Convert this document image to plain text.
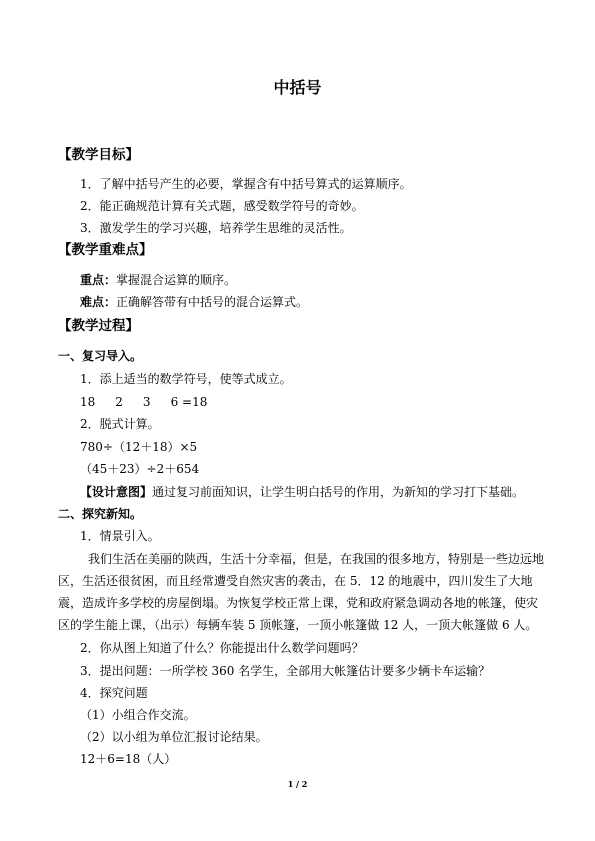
中括号
【教学目标】
1．了解中括号产生的必要，掌握含有中括号算式的运算顺序。
2．能正确规范计算有关式题，感受数学符号的奇妙。
3．激发学生的学习兴趣，培养学生思维的灵活性。
【教学重难点】
重点：掌握混合运算的顺序。
难点：正确解答带有中括号的混合运算式。
【教学过程】
一、复习导入。
1．添上适当的数学符号，使等式成立。
18 2 3 6 =18
2．脱式计算。
780÷（12＋18）×5
（45＋23）÷2＋654
【设计意图】通过复习前面知识，让学生明白括号的作用，为新知的学习打下基础。
二、探究新知。
1．情景引入。
我们生活在美丽的陕西，生活十分幸福，但是，在我国的很多地方，特别是一些边远地
区，生活还很贫困，而且经常遭受自然灾害的袭击，在 5．12 的地震中，四川发生了大地
震，造成许多学校的房屋倒塌。为恢复学校正常上课，党和政府紧急调动各地的帐篷，使灾
区的学生能上课，（出示）每辆车装 5 顶帐篷，一顶小帐篷做 12 人，一顶大帐篷做 6 人。
2．你从图上知道了什么？你能提出什么数学问题吗？
3．提出问题：一所学校 360 名学生，全部用大帐篷估计要多少辆卡车运输？
4．探究问题
（1）小组合作交流。
（2）以小组为单位汇报讨论结果。
12＋6=18（人）
1 / 2
